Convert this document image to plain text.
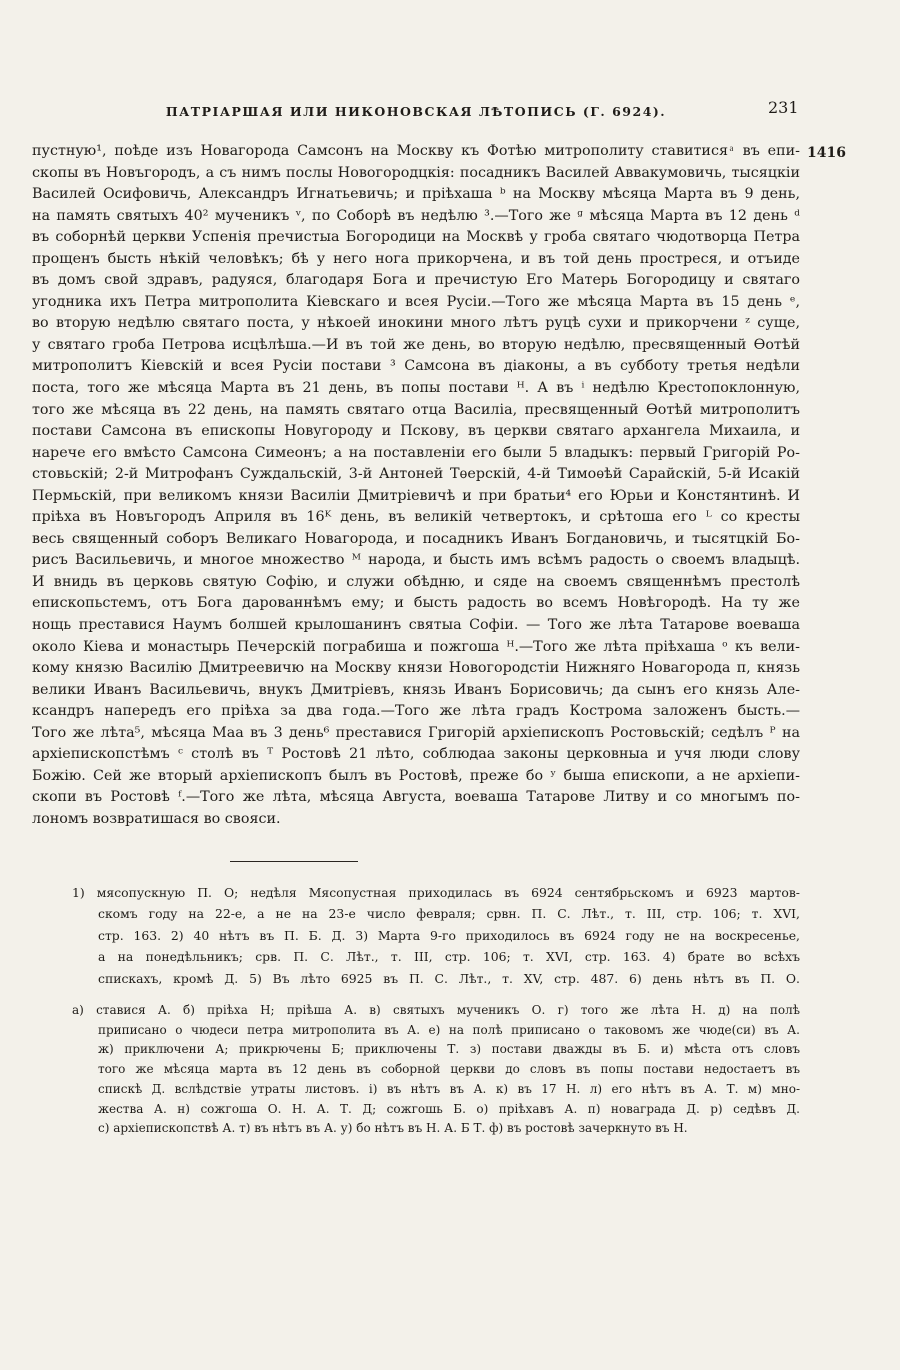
ПАТРІАРШАЯ ИЛИ НИКОНОВСКАЯ ЛѢТОПИСЬ (Г. 6924).	231
1416
пустную¹, поѣде изъ Новагорода Самсонъ на Москву къ Фотѣю митрополиту ставитися ͣ въ епи-
скопы въ Новъгородъ, а съ нимъ послы Новогородцкія: посадникъ Василей Аввакумовичь, тысяцкіи
Василей Осифовичь, Александръ Игнатьевичь; и пріѣхаша ᵇ на Москву мѣсяца Марта въ 9 день,
на память святыхъ 40² мученикъ ᵛ, по Соборѣ въ недѣлю ³.—Того же ᵍ мѣсяца Марта въ 12 день ᵈ
въ соборнѣй церкви Успенія пречистыа Богородици на Москвѣ у гроба святаго чюдотворца Петра
прощенъ бысть нѣкій человѣкъ; бѣ у него нога прикорчена, и въ той день простреся, и отъиде
въ домъ свой здравъ, радуяся, благодаря Бога и пречистую Его Матерь Богородицу и святаго
угодника ихъ Петра митрополита Кіевскаго и всея Русіи.—Того же мѣсяца Марта въ 15 день ᵉ,
во вторую недѣлю святаго поста, у нѣкоей инокини много лѣтъ руцѣ сухи и прикорчени ᶻ суще,
у святаго гроба Петрова исцѣлѣша.—И въ той же день, во вторую недѣлю, пресвященный Өотѣй
митрополитъ Кіевскій и всея Русіи постави ³ Самсона въ діаконы, а въ субботу третья недѣли
поста, того же мѣсяца Марта въ 21 день, въ попы постави ᴴ. А въ ⁱ недѣлю Крестопоклонную,
того же мѣсяца въ 22 день, на память святаго отца Василіа, пресвященный Өотѣй митрополитъ
постави Самсона въ епископы Новугороду и Пскову, въ церкви святаго архангела Михаила, и
нарече его вмѣсто Самсона Симеонъ; а на поставленіи его были 5 владыкъ: первый Григорій Ро-
стовьскій; 2-й Митрофанъ Суждальскій, 3-й Антоней Тѳерскій, 4-й Тимоѳѣй Сарайскій, 5-й Исакій
Пермьскій, при великомъ князи Василіи Дмитріевичѣ и при братьи⁴ его Юрьи и Констянтинѣ. И
пріѣха въ Новъгородъ Априля въ 16ᴷ день, въ великій четвертокъ, и срѣтоша его ᴸ со кресты
весь священный соборъ Великаго Новагорода, и посадникъ Иванъ Богдановичь, и тысятцкій Бо-
рисъ Васильевичь, и многое множество ᴹ народа, и бысть имъ всѣмъ радость о своемъ владыцѣ.
И внидь въ церковь святую Софію, и служи обѣдню, и сяде на своемъ священнѣмъ престолѣ
епископьстемъ, отъ Бога дарованнѣмъ ему; и бысть радость во всемъ Новѣгородѣ. На ту же
нощь преставися Наумъ болшей крылошанинъ святыа Софіи. — Того же лѣта Татарове воеваша
около Кіева и монастырь Печерскій пограбиша и пожгоша ᴴ.—Того же лѣта пріѣхаша ᵒ къ вели-
кому князю Василію Дмитреевичю на Москву князи Новогородстіи Нижняго Новагорода ᴨ, князь
велики Иванъ Васильевичь, внукъ Дмитріевъ, князь Иванъ Борисовичь; да сынъ его князь Але-
ксандръ напередъ его пріѣха за два года.—Того же лѣта градъ Кострома заложенъ бысть.—
Того же лѣта⁵, мѣсяца Маа въ 3 день⁶ преставися Григорій архіепископъ Ростовьскій; седѣлъ ᴾ на
архіепископстѣмъ ᶜ столѣ въ ᵀ Ростовѣ 21 лѣто, соблюдаа законы церковныа и учя люди слову
Божію. Сей же вторый архіепископъ былъ въ Ростовѣ, преже бо ʸ быша епископи, а не архіепи-
скопи въ Ростовѣ ᶠ.—Того же лѣта, мѣсяца Августа, воеваша Татарове Литву и со многымъ по-
лономъ возвратишася во свояси.
1) мясопускную П. О; недѣля Мясопустная приходилась въ 6924 сентябрьскомъ и 6923 мартов-
скомъ году на 22-е, а не на 23-е число февраля; срвн. П. С. Лѣт., т. III, стр. 106; т. XVI,
стр. 163. 2) 40 нѣтъ въ П. Б. Д. 3) Марта 9-го приходилось въ 6924 году не на воскресенье,
а на понедѣльникъ; срв. П. С. Лѣт., т. III, стр. 106; т. XVI, стр. 163. 4) брате во всѣхъ
спискахъ, кромѣ Д. 5) Въ лѣто 6925 въ П. С. Лѣт., т. XV, стр. 487. 6) день нѣтъ въ П. О.
а) ставися А. б) пріѣха Н; пріѣша А. в) святыхъ мученикъ О. г) того же лѣта Н. д) на полѣ
приписано о чюдеси петра митрополита въ А. е) на полѣ приписано о таковомъ же чюде(си) въ А.
ж) приключени А; прикрючены Б; приключены Т. з) постави дважды въ Б. и) мѣста отъ словъ
того же мѣсяца марта въ 12 день въ соборной церкви до словъ въ попы постави недостаетъ въ
спискѣ Д. вслѣдствіе утраты листовъ. і) въ нѣтъ въ А. к) въ 17 Н. л) его нѣтъ въ А. Т. м) мно-
жества А. н) сожгоша О. Н. А. Т. Д; сожгошь Б. о) пріѣхавъ А. п) новаграда Д. р) седѣвъ Д.
с) архіепископствѣ А. т) въ нѣтъ въ А. у) бо нѣтъ въ Н. А. Б Т. ф) въ ростовѣ зачеркнуто въ Н.
